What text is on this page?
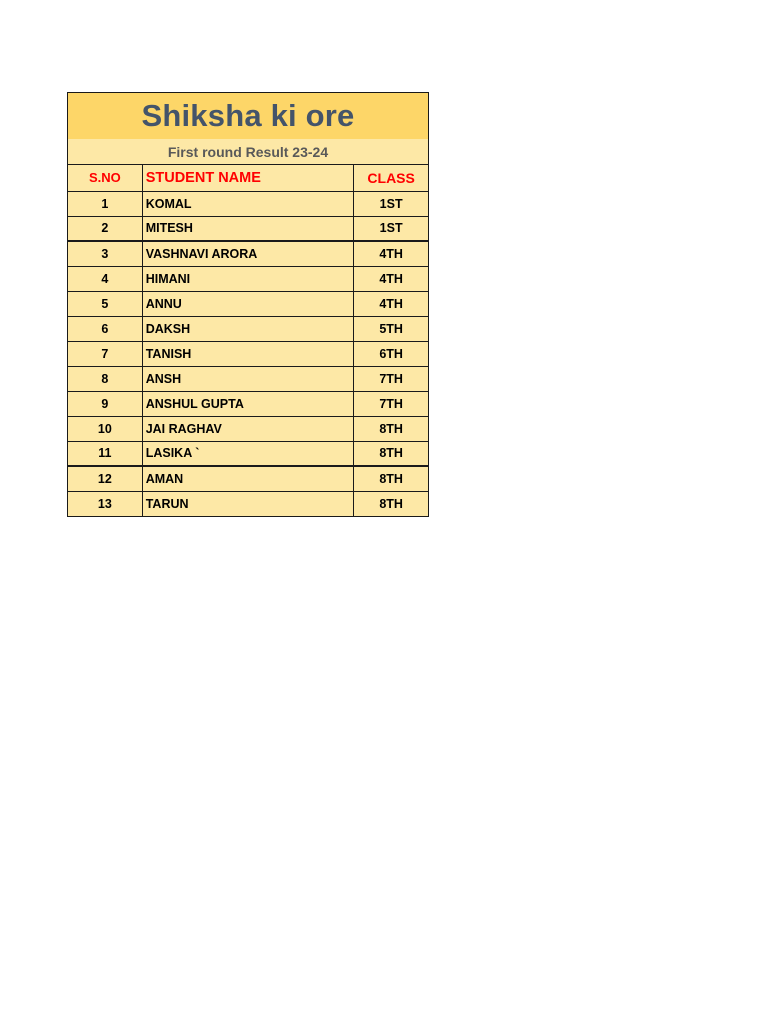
Shiksha ki ore
First round Result 23-24
S.NO	STUDENT NAME	CLASS
1	KOMAL	1ST
2	MITESH	1ST
3	VASHNAVI ARORA	4TH
4	HIMANI	4TH
5	ANNU	4TH
6	DAKSH	5TH
7	TANISH	6TH
8	ANSH	7TH
9	ANSHUL GUPTA	7TH
10	JAI RAGHAV	8TH
11	LASIKA `	8TH
12	AMAN	8TH
13	TARUN	8TH
